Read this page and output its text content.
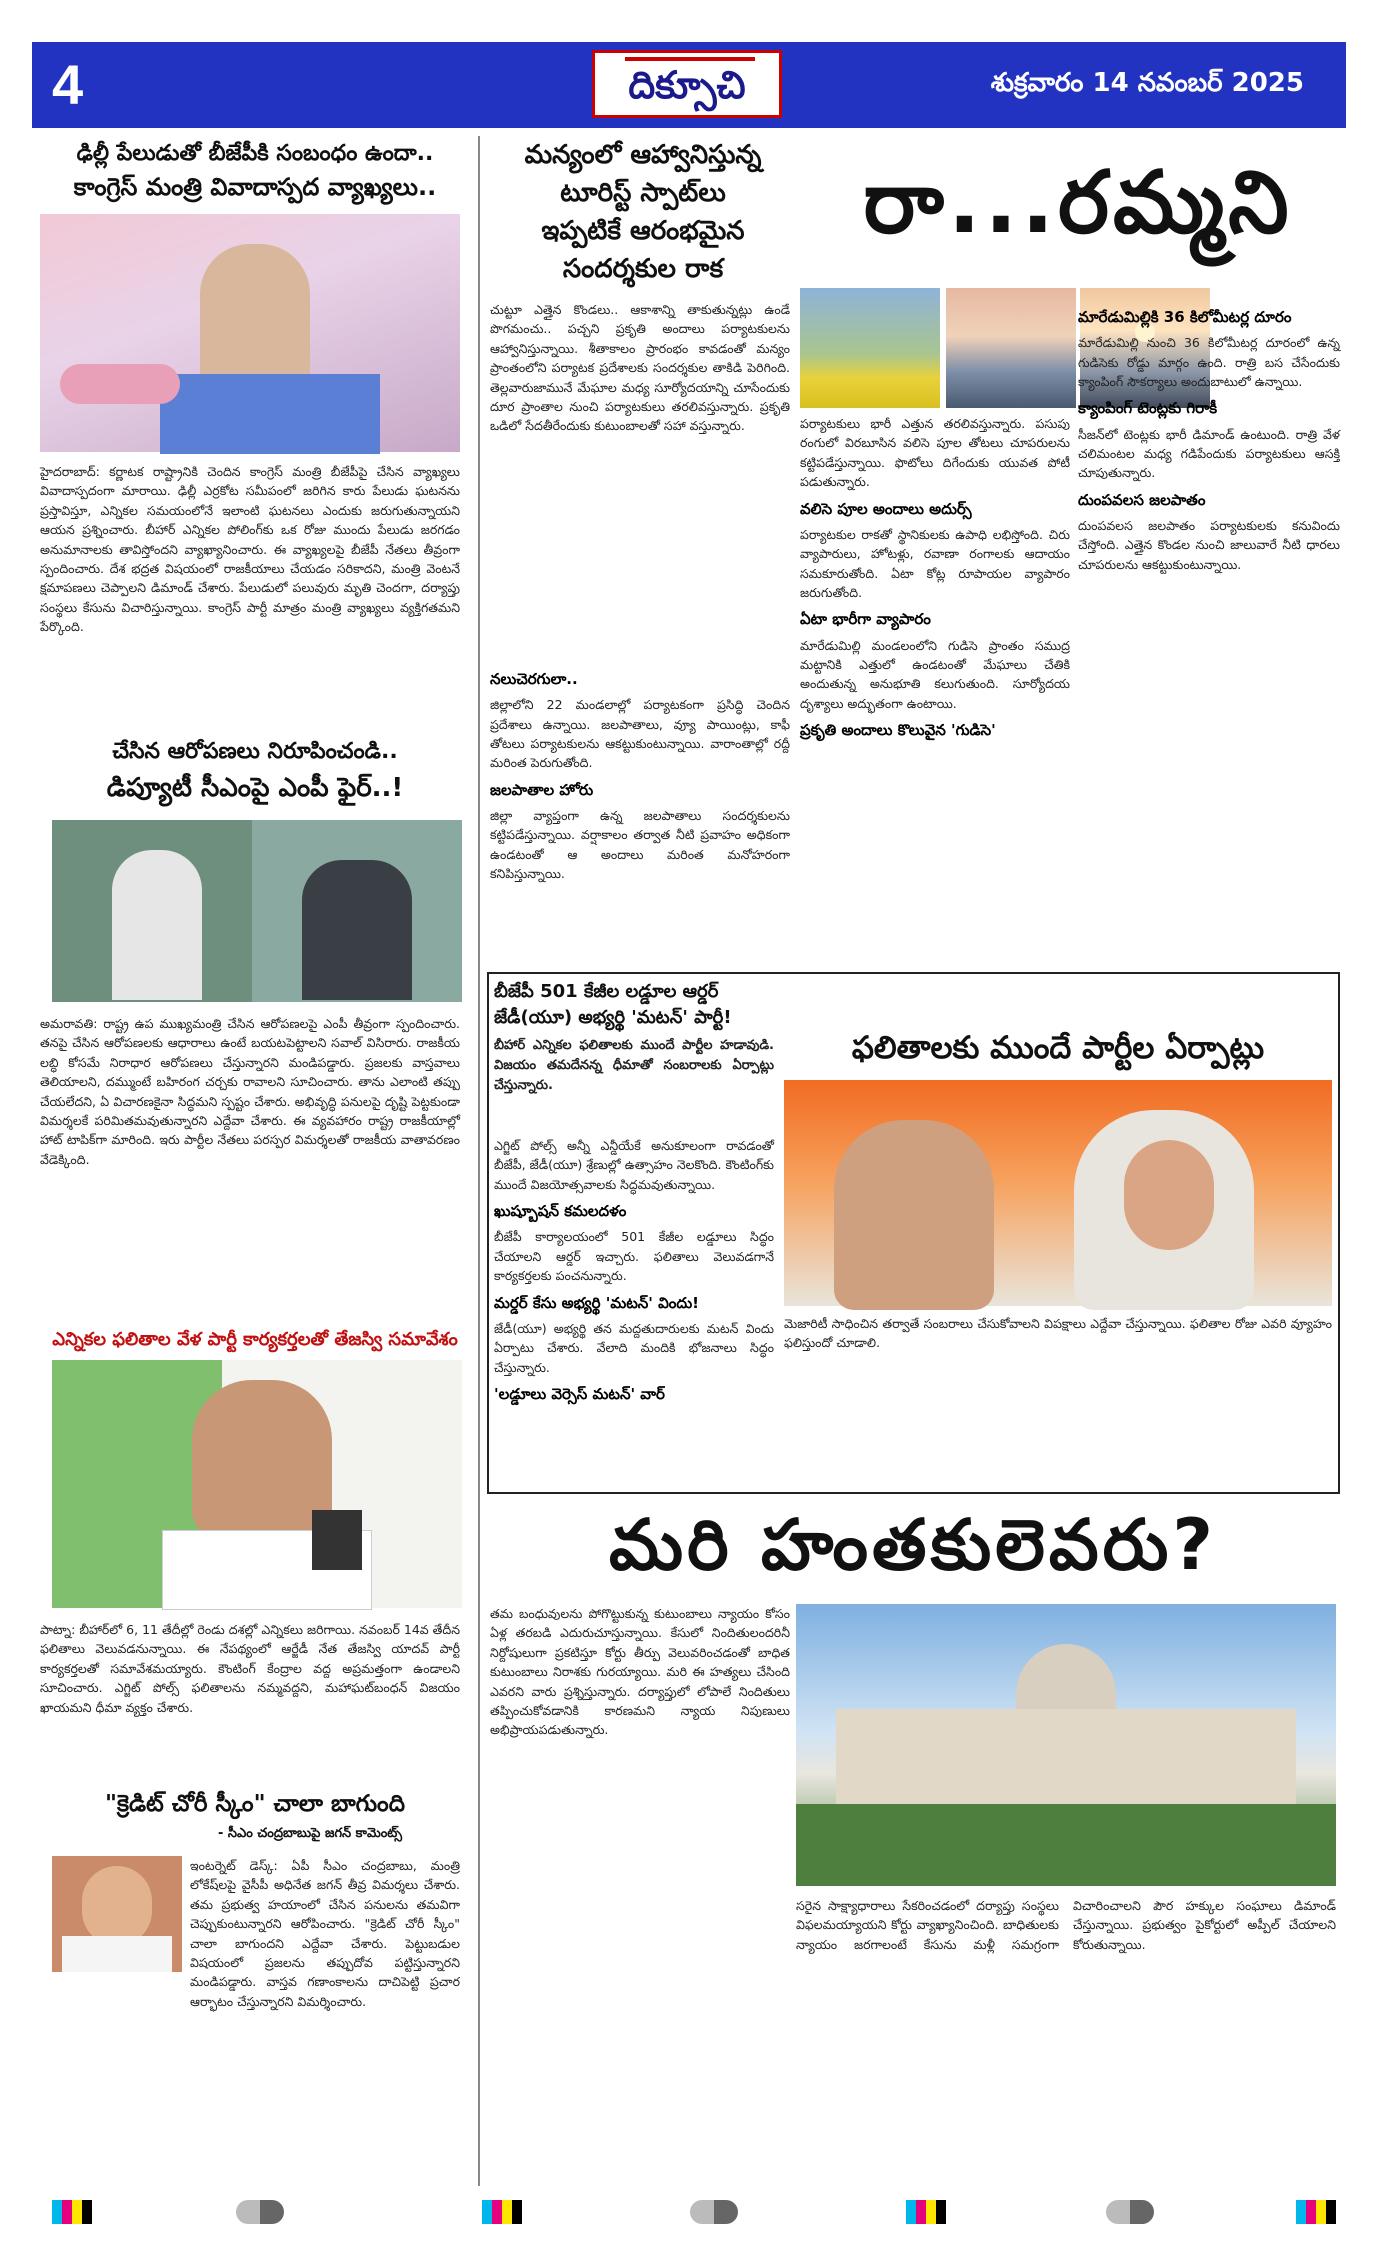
4	దిక్సూచి	శుక్రవారం 14 నవంబర్ 2025
ఢిల్లీ పేలుడుతో బీజేపీకి సంబంధం ఉందా..
కాంగ్రెస్ మంత్రి వివాదాస్పద వ్యాఖ్యలు..
హైదరాబాద్: కర్ణాటక రాష్ట్రానికి చెందిన కాంగ్రెస్ మంత్రి బీజేపీపై చేసిన వ్యాఖ్యలు వివాదాస్పదంగా మారాయి. ఢిల్లీ ఎర్రకోట సమీపంలో జరిగిన కారు పేలుడు ఘటనను ప్రస్తావిస్తూ, ఎన్నికల సమయంలోనే ఇలాంటి ఘటనలు ఎందుకు జరుగుతున్నాయని ఆయన ప్రశ్నించారు. బీహార్ ఎన్నికల పోలింగ్‌కు ఒక రోజు ముందు పేలుడు జరగడం అనుమానాలకు తావిస్తోందని వ్యాఖ్యానించారు. ఈ వ్యాఖ్యలపై బీజేపీ నేతలు తీవ్రంగా స్పందించారు. దేశ భద్రత విషయంలో రాజకీయాలు చేయడం సరికాదని, మంత్రి వెంటనే క్షమాపణలు చెప్పాలని డిమాండ్ చేశారు. పేలుడులో పలువురు మృతి చెందగా, దర్యాప్తు సంస్థలు కేసును విచారిస్తున్నాయి. కాంగ్రెస్ పార్టీ మాత్రం మంత్రి వ్యాఖ్యలు వ్యక్తిగతమని పేర్కొంది.
చేసిన ఆరోపణలు నిరూపించండి..
డిప్యూటీ సీఎంపై ఎంపీ ఫైర్..!
అమరావతి: రాష్ట్ర ఉప ముఖ్యమంత్రి చేసిన ఆరోపణలపై ఎంపీ తీవ్రంగా స్పందించారు. తనపై చేసిన ఆరోపణలకు ఆధారాలు ఉంటే బయటపెట్టాలని సవాల్ విసిరారు. రాజకీయ లబ్ధి కోసమే నిరాధార ఆరోపణలు చేస్తున్నారని మండిపడ్డారు. ప్రజలకు వాస్తవాలు తెలియాలని, దమ్ముంటే బహిరంగ చర్చకు రావాలని సూచించారు. తాను ఎలాంటి తప్పు చేయలేదని, ఏ విచారణకైనా సిద్ధమని స్పష్టం చేశారు. అభివృద్ధి పనులపై దృష్టి పెట్టకుండా విమర్శలకే పరిమితమవుతున్నారని ఎద్దేవా చేశారు. ఈ వ్యవహారం రాష్ట్ర రాజకీయాల్లో హాట్ టాపిక్‌గా మారింది. ఇరు పార్టీల నేతలు పరస్పర విమర్శలతో రాజకీయ వాతావరణం వేడెక్కింది.
ఎన్నికల ఫలితాల వేళ పార్టీ కార్యకర్తలతో తేజస్వి సమావేశం
పాట్నా: బీహార్‌లో 6, 11 తేదీల్లో రెండు దశల్లో ఎన్నికలు జరిగాయి. నవంబర్ 14వ తేదీన ఫలితాలు వెలువడనున్నాయి. ఈ నేపథ్యంలో ఆర్జేడీ నేత తేజస్వి యాదవ్ పార్టీ కార్యకర్తలతో సమావేశమయ్యారు. కౌంటింగ్ కేంద్రాల వద్ద అప్రమత్తంగా ఉండాలని సూచించారు. ఎగ్జిట్ పోల్స్ ఫలితాలను నమ్మవద్దని, మహాఘట్‌బంధన్ విజయం ఖాయమని ధీమా వ్యక్తం చేశారు.
"క్రెడిట్ చోరీ స్కీం" చాలా బాగుంది
- సీఎం చంద్రబాబుపై జగన్ కామెంట్స్
ఇంటర్నెట్ డెస్క్: ఏపీ సీఎం చంద్రబాబు, మంత్రి లోకేష్‌లపై వైసీపీ అధినేత జగన్ తీవ్ర విమర్శలు చేశారు. తమ ప్రభుత్వ హయాంలో చేసిన పనులను తమవిగా చెప్పుకుంటున్నారని ఆరోపించారు. "క్రెడిట్ చోరీ స్కీం" చాలా బాగుందని ఎద్దేవా చేశారు. పెట్టుబడుల విషయంలో ప్రజలను తప్పుదోవ పట్టిస్తున్నారని మండిపడ్డారు. వాస్తవ గణాంకాలను దాచిపెట్టి ప్రచార ఆర్భాటం చేస్తున్నారని విమర్శించారు.
మన్యంలో ఆహ్వానిస్తున్న
టూరిస్ట్ స్పాట్‌లు
ఇప్పటికే ఆరంభమైన
సందర్శకుల రాక
రా...రమ్మని
చుట్టూ ఎత్తైన కొండలు.. ఆకాశాన్ని తాకుతున్నట్లు ఉండే పొగమంచు.. పచ్చని ప్రకృతి అందాలు పర్యాటకులను ఆహ్వానిస్తున్నాయి. శీతాకాలం ప్రారంభం కావడంతో మన్యం ప్రాంతంలోని పర్యాటక ప్రదేశాలకు సందర్శకుల తాకిడి పెరిగింది. తెల్లవారుజామునే మేఘాల మధ్య సూర్యోదయాన్ని చూసేందుకు దూర ప్రాంతాల నుంచి పర్యాటకులు తరలివస్తున్నారు. ప్రకృతి ఒడిలో సేదతీరేందుకు కుటుంబాలతో సహా వస్తున్నారు.
నలుచెరగులా..
జిల్లాలోని 22 మండలాల్లో పర్యాటకంగా ప్రసిద్ధి చెందిన ప్రదేశాలు ఉన్నాయి. జలపాతాలు, వ్యూ పాయింట్లు, కాఫీ తోటలు పర్యాటకులను ఆకట్టుకుంటున్నాయి. వారాంతాల్లో రద్దీ మరింత పెరుగుతోంది.
జలపాతాల హోరు
జిల్లా వ్యాప్తంగా ఉన్న జలపాతాలు సందర్శకులను కట్టిపడేస్తున్నాయి. వర్షాకాలం తర్వాత నీటి ప్రవాహం అధికంగా ఉండటంతో ఆ అందాలు మరింత మనోహరంగా కనిపిస్తున్నాయి.
పర్యాటకులు భారీ ఎత్తున తరలివస్తున్నారు. పసుపు రంగులో విరబూసిన వలిసె పూల తోటలు చూపరులను కట్టిపడేస్తున్నాయి. ఫొటోలు దిగేందుకు యువత పోటీ పడుతున్నారు.
వలిసె పూల అందాలు అదుర్స్
పర్యాటకుల రాకతో స్థానికులకు ఉపాధి లభిస్తోంది. చిరు వ్యాపారులు, హోటళ్లు, రవాణా రంగాలకు ఆదాయం సమకూరుతోంది. ఏటా కోట్ల రూపాయల వ్యాపారం జరుగుతోంది.
ఏటా భారీగా వ్యాపారం
మారేడుమిల్లి మండలంలోని గుడిసె ప్రాంతం సముద్ర మట్టానికి ఎత్తులో ఉండటంతో మేఘాలు చేతికి అందుతున్న అనుభూతి కలుగుతుంది. సూర్యోదయ దృశ్యాలు అద్భుతంగా ఉంటాయి.
ప్రకృతి అందాలు కొలువైన 'గుడిసె'
మారేడుమిల్లికి 36 కిలోమీటర్ల దూరం
మారేడుమిల్లి నుంచి 36 కిలోమీటర్ల దూరంలో ఉన్న గుడిసెకు రోడ్డు మార్గం ఉంది. రాత్రి బస చేసేందుకు క్యాంపింగ్ సౌకర్యాలు అందుబాటులో ఉన్నాయి.
క్యాంపింగ్ టెంట్లకు గిరాకీ
సీజన్‌లో టెంట్లకు భారీ డిమాండ్ ఉంటుంది. రాత్రి వేళ చలిమంటల మధ్య గడిపేందుకు పర్యాటకులు ఆసక్తి చూపుతున్నారు.
దుంపవలస జలపాతం
దుంపవలస జలపాతం పర్యాటకులకు కనువిందు చేస్తోంది. ఎత్తైన కొండల నుంచి జాలువారే నీటి ధారలు చూపరులను ఆకట్టుకుంటున్నాయి.
బీజేపీ 501 కేజీల లడ్డూల ఆర్డర్
జేడీ(యూ) అభ్యర్థి 'మటన్' పార్టీ!
బీహార్ ఎన్నికల ఫలితాలకు ముందే పార్టీల హడావుడి. విజయం తమదేనన్న ధీమాతో సంబరాలకు ఏర్పాట్లు చేస్తున్నారు.
ఫలితాలకు ముందే పార్టీల ఏర్పాట్లు
ఎగ్జిట్ పోల్స్ అన్నీ ఎన్డీయేకే అనుకూలంగా రావడంతో బీజేపీ, జేడీ(యూ) శ్రేణుల్లో ఉత్సాహం నెలకొంది. కౌంటింగ్‌కు ముందే విజయోత్సవాలకు సిద్ధమవుతున్నాయి.
ఖుష్బూషన్ కమలదళం
బీజేపీ కార్యాలయంలో 501 కేజీల లడ్డూలు సిద్ధం చేయాలని ఆర్డర్ ఇచ్చారు. ఫలితాలు వెలువడగానే కార్యకర్తలకు పంచనున్నారు.
మర్డర్ కేసు అభ్యర్థి 'మటన్' విందు!
జేడీ(యూ) అభ్యర్థి తన మద్దతుదారులకు మటన్ విందు ఏర్పాటు చేశారు. వేలాది మందికి భోజనాలు సిద్ధం చేస్తున్నారు.
'లడ్డూలు వెర్సెస్ మటన్' వార్
మెజారిటీ సాధించిన తర్వాతే సంబరాలు చేసుకోవాలని విపక్షాలు ఎద్దేవా చేస్తున్నాయి. ఫలితాల రోజు ఎవరి వ్యూహం ఫలిస్తుందో చూడాలి.
మరి హంతకులెవరు?
తమ బంధువులను పోగొట్టుకున్న కుటుంబాలు న్యాయం కోసం ఏళ్ల తరబడి ఎదురుచూస్తున్నాయి. కేసులో నిందితులందరినీ నిర్దోషులుగా ప్రకటిస్తూ కోర్టు తీర్పు వెలువరించడంతో బాధిత కుటుంబాలు నిరాశకు గురయ్యాయి. మరి ఈ హత్యలు చేసింది ఎవరని వారు ప్రశ్నిస్తున్నారు. దర్యాప్తులో లోపాలే నిందితులు తప్పించుకోవడానికి కారణమని న్యాయ నిపుణులు అభిప్రాయపడుతున్నారు.
సరైన సాక్ష్యాధారాలు సేకరించడంలో దర్యాప్తు సంస్థలు విఫలమయ్యాయని కోర్టు వ్యాఖ్యానించింది. బాధితులకు న్యాయం జరగాలంటే కేసును మళ్లీ సమగ్రంగా విచారించాలని పౌర హక్కుల సంఘాలు డిమాండ్ చేస్తున్నాయి. ప్రభుత్వం పైకోర్టులో అప్పీల్ చేయాలని కోరుతున్నాయి.
